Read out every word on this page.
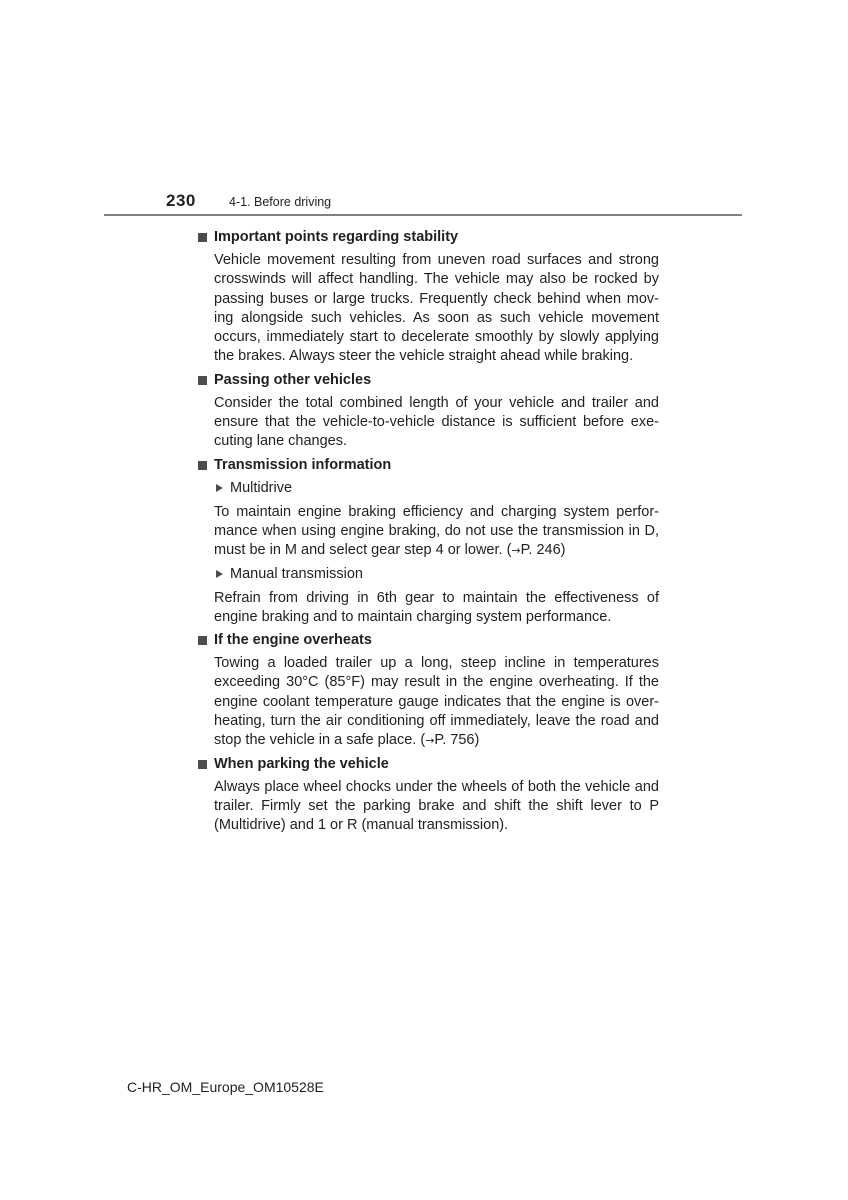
230	4-1. Before driving
Important points regarding stability
Vehicle movement resulting from uneven road surfaces and strong crosswinds will affect handling. The vehicle may also be rocked by passing buses or large trucks. Frequently check behind when mov-ing alongside such vehicles. As soon as such vehicle movement occurs, immediately start to decelerate smoothly by slowly applying the brakes. Always steer the vehicle straight ahead while braking.
Passing other vehicles
Consider the total combined length of your vehicle and trailer and ensure that the vehicle-to-vehicle distance is sufficient before exe-cuting lane changes.
Transmission information
Multidrive
To maintain engine braking efficiency and charging system perfor-mance when using engine braking, do not use the transmission in D, must be in M and select gear step 4 or lower. (→P. 246)
Manual transmission
Refrain from driving in 6th gear to maintain the effectiveness of engine braking and to maintain charging system performance.
If the engine overheats
Towing a loaded trailer up a long, steep incline in temperatures exceeding 30°C (85°F) may result in the engine overheating. If the engine coolant temperature gauge indicates that the engine is over-heating, turn the air conditioning off immediately, leave the road and stop the vehicle in a safe place. (→P. 756)
When parking the vehicle
Always place wheel chocks under the wheels of both the vehicle and trailer. Firmly set the parking brake and shift the shift lever to P (Multidrive) and 1 or R (manual transmission).
C-HR_OM_Europe_OM10528E
